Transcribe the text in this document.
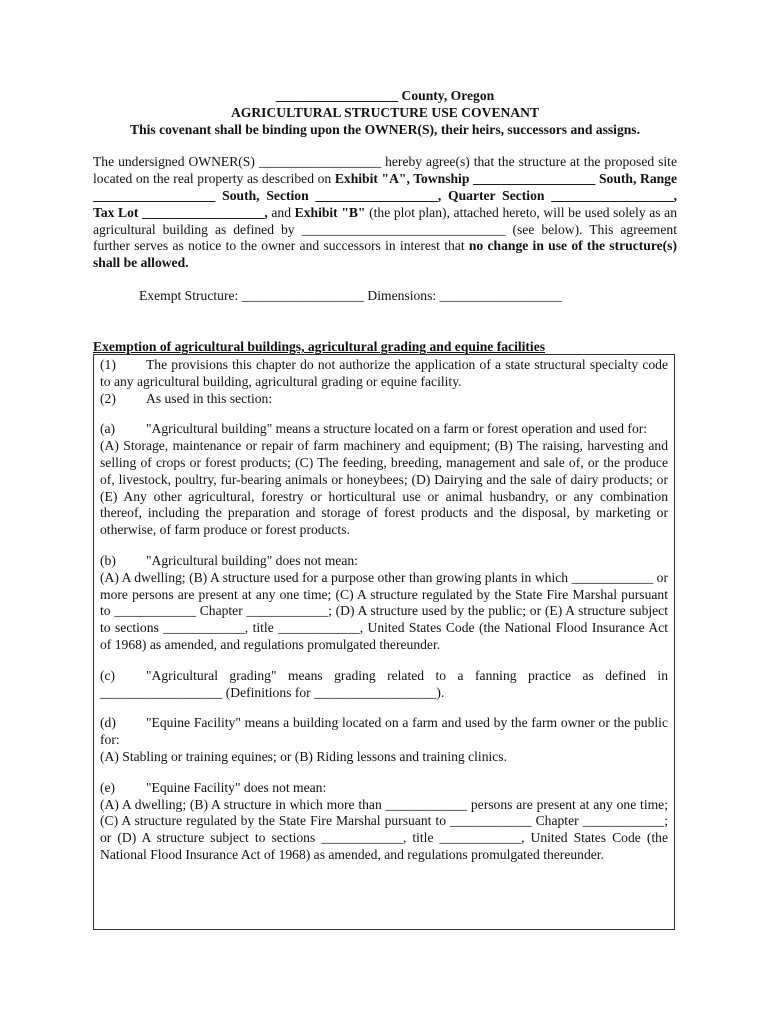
__________________ County, Oregon

AGRICULTURAL STRUCTURE USE COVENANT

This covenant shall be binding upon the OWNER(S), their heirs, successors and assigns.

The undersigned OWNER(S) __________________ hereby agree(s) that the structure at the proposed site located on the real property as described on Exhibit "A", Township __________________ South, Range __________________ South, Section __________________, Quarter Section __________________, Tax Lot __________________, and Exhibit "B" (the plot plan), attached hereto, will be used solely as an agricultural building as defined by ______________________________ (see below). This agreement further serves as notice to the owner and successors in interest that no change in use of the structure(s) shall be allowed.

Exempt Structure: __________________ Dimensions: __________________

Exemption of agricultural buildings, agricultural grading and equine facilities

(1) The provisions this chapter do not authorize the application of a state structural specialty code to any agricultural building, agricultural grading or equine facility.

(2) As used in this section:

(a) "Agricultural building" means a structure located on a farm or forest operation and used for:

(A) Storage, maintenance or repair of farm machinery and equipment; (B) The raising, harvesting and selling of crops or forest products; (C) The feeding, breeding, management and sale of, or the produce of, livestock, poultry, fur-bearing animals or honeybees; (D) Dairying and the sale of dairy products; or (E) Any other agricultural, forestry or horticultural use or animal husbandry, or any combination thereof, including the preparation and storage of forest products and the disposal, by marketing or otherwise, of farm produce or forest products.

(b) "Agricultural building" does not mean:

(A) A dwelling; (B) A structure used for a purpose other than growing plants in which ____________ or more persons are present at any one time; (C) A structure regulated by the State Fire Marshal pursuant to ____________ Chapter ____________; (D) A structure used by the public; or (E) A structure subject to sections ____________, title ____________, United States Code (the National Flood Insurance Act of 1968) as amended, and regulations promulgated thereunder.

(c) "Agricultural grading" means grading related to a fanning practice as defined in __________________ (Definitions for __________________).

(d) "Equine Facility" means a building located on a farm and used by the farm owner or the public for:

(A) Stabling or training equines; or (B) Riding lessons and training clinics.

(e) "Equine Facility" does not mean:

(A) A dwelling; (B) A structure in which more than ____________ persons are present at any one time; (C) A structure regulated by the State Fire Marshal pursuant to ____________ Chapter ____________; or (D) A structure subject to sections ____________, title ____________, United States Code (the National Flood Insurance Act of 1968) as amended, and regulations promulgated thereunder.
